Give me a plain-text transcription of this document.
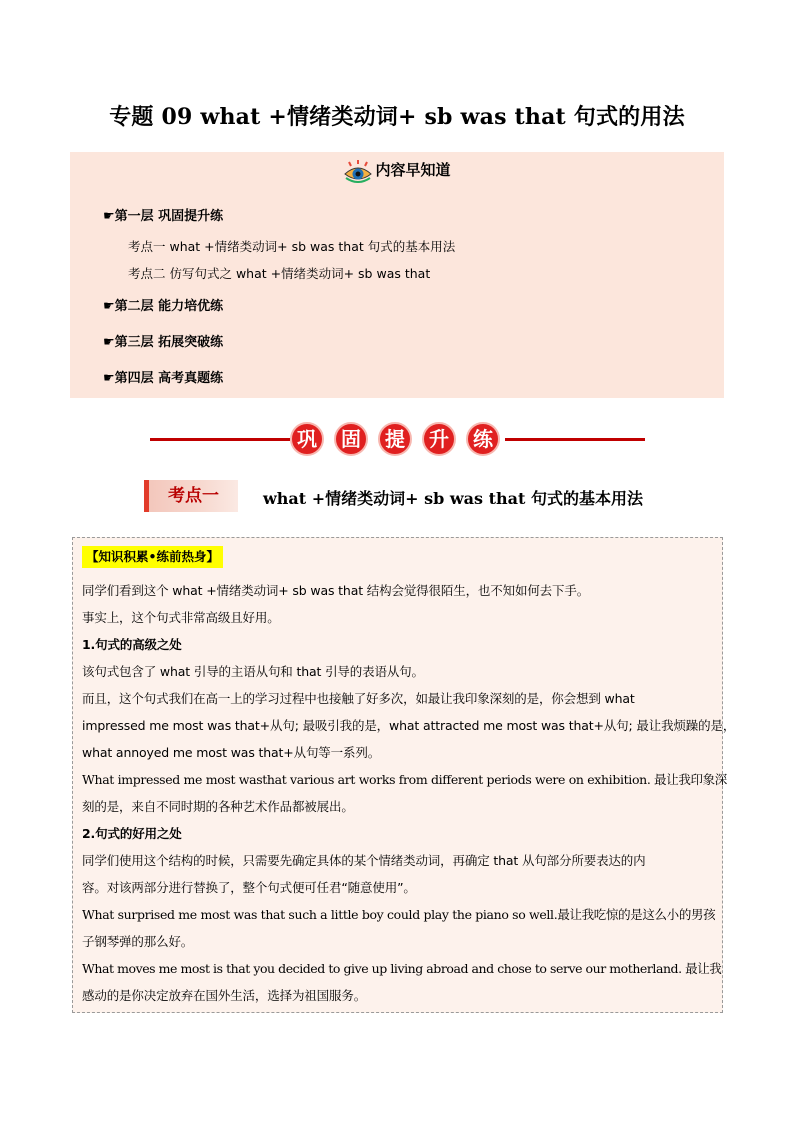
专题 09 what +情绪类动词+ sb was that 句式的用法
内容早知道
☛第一层 巩固提升练
考点一 what +情绪类动词+ sb was that 句式的基本用法
考点二 仿写句式之 what +情绪类动词+ sb was that
☛第二层 能力培优练
☛第三层 拓展突破练
☛第四层 高考真题练
巩	固	提	升	练
考点一	what +情绪类动词+ sb was that 句式的基本用法
【知识积累•练前热身】
同学们看到这个 what +情绪类动词+ sb was that 结构会觉得很陌生，也不知如何去下手。
事实上，这个句式非常高级且好用。
1.句式的高级之处
该句式包含了 what 引导的主语从句和 that 引导的表语从句。
而且，这个句式我们在高一上的学习过程中也接触了好多次，如最让我印象深刻的是，你会想到 what
impressed me most was that+从句; 最吸引我的是，what attracted me most was that+从句; 最让我烦躁的是，
what annoyed me most was that+从句等一系列。
What impressed me most wasthat various art works from different periods were on exhibition. 最让我印象深
刻的是，来自不同时期的各种艺术作品都被展出。
2.句式的好用之处
同学们使用这个结构的时候，只需要先确定具体的某个情绪类动词，再确定 that 从句部分所要表达的内
容。对该两部分进行替换了，整个句式便可任君“随意使用”。
What surprised me most was that such a little boy could play the piano so well.最让我吃惊的是这么小的男孩
子钢琴弹的那么好。
What moves me most is that you decided to give up living abroad and chose to serve our motherland. 最让我
感动的是你决定放弃在国外生活，选择为祖国服务。
